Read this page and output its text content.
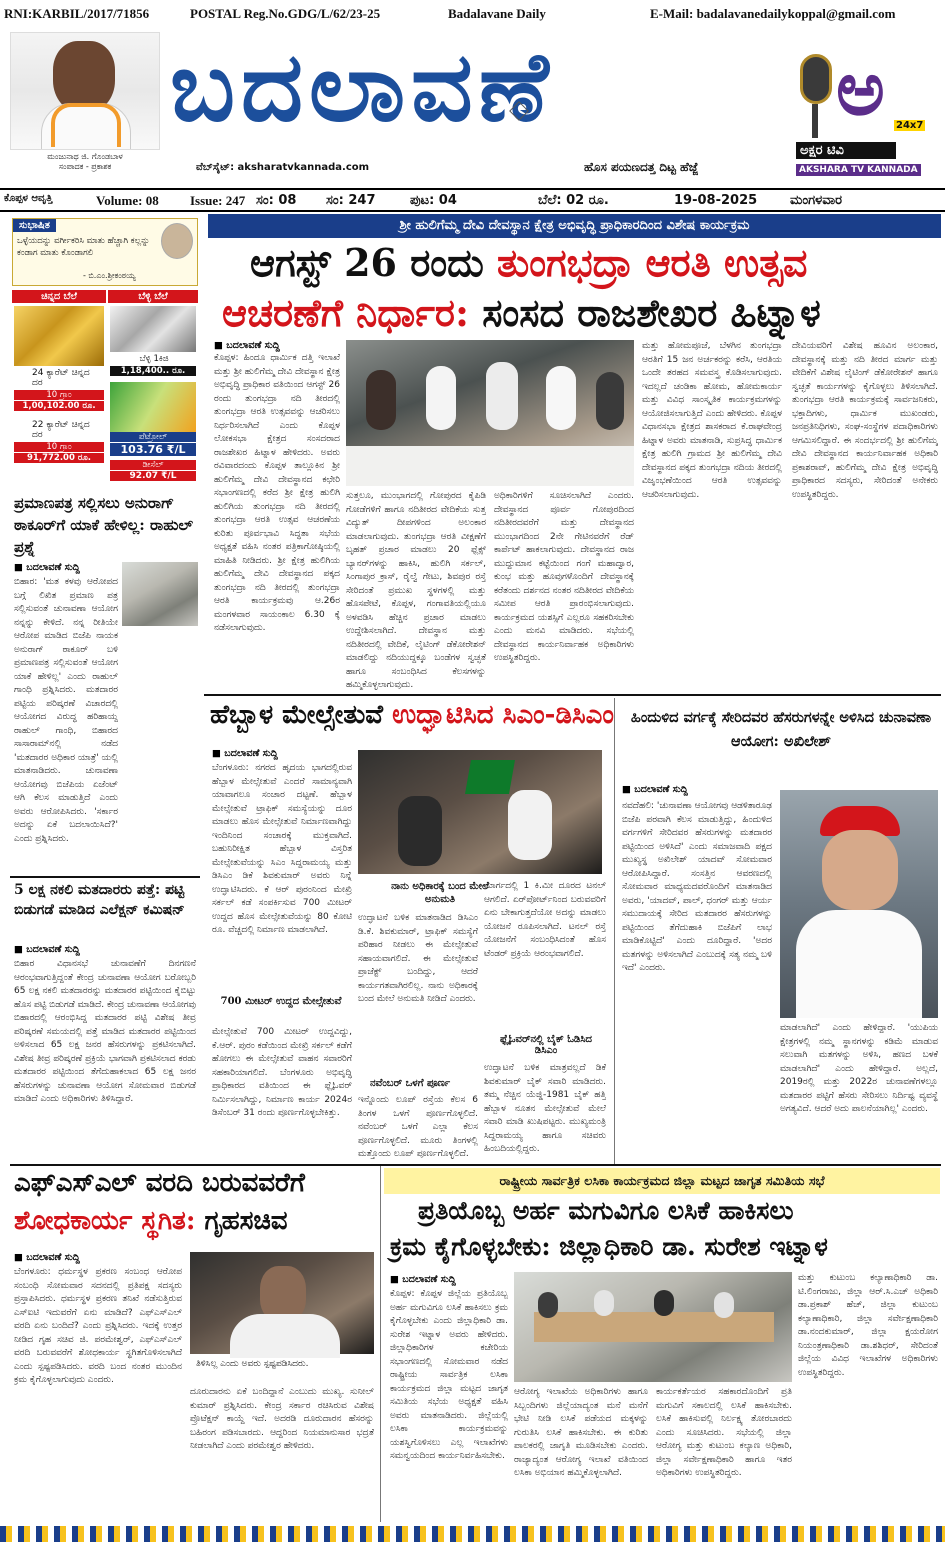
RNI:KARBIL/2017/71856	POSTAL Reg.No.GDG/L/62/23-25	Badalavane Daily	E-Mail: badalavanedailykoppal@gmail.com
ಮಂಜುನಾಥ ಜಿ. ಗೊಂಡಬಾಳ
ಸಂಪಾದಕ - ಪ್ರಕಾಶಕ
ಬದಲಾವಣೆ
ವೆಬ್‌ಸೈಟ್: aksharatvkannada.com	ಹೊಸ ಪಯಣದತ್ತ ದಿಟ್ಟ ಹೆಜ್ಜೆ
ಅ 24x7
ಅಕ್ಷರ ಟಿವಿ
AKSHARA TV KANNADA
ಕೊಪ್ಪಳ ಆವೃತ್ತಿ	Volume: 08 Issue: 247 ಸಂ: 08 ಸಂ: 247	ಪುಟ: 04	ಬೆಲೆ: 02 ರೂ.	19-08-2025	ಮಂಗಳವಾರ
ಸುಭಾಷಿತ
ಒಳ್ಳೆಯದನ್ನು ವರ್ಗೀಕರಿಸಿ ಮಾತು ಹೆಚ್ಚಾಗಿ ಕಲ್ಲನ್ನು ಕಂಡಾಗ ಮಾತು ಕೊಂಡಾಗಲಿ
- ಬಿ.ಎಂ.ಶ್ರೀಕಂಠಯ್ಯ
ಚಿನ್ನದ ಬೆಲೆ	ಬೆಳ್ಳಿ ಬೆಲೆ
24 ಕ್ಯಾರೆಟ್ ಚಿನ್ನದ ದರ
10 ಗ್ರಾಂ
1,00,102.00 ರೂ.
22 ಕ್ಯಾರೆಟ್ ಚಿನ್ನದ ದರ
10 ಗ್ರಾಂ
91,772.00 ರೂ.
ಬೆಳ್ಳಿ 1ಕಿಜಿ
1,18,400.. ರೂ.
ಪೆಟ್ರೋಲ್
103.76 ₹/L
ಡೀಸೆಲ್
92.07 ₹/L
ಪ್ರಮಾಣಪತ್ರ ಸಲ್ಲಿಸಲು ಅನುರಾಗ್ ಠಾಕೂರ್‌ಗೆ ಯಾಕೆ ಹೇಳಿಲ್ಲ: ರಾಹುಲ್ ಪ್ರಶ್ನೆ
■ ಬದಲಾವಣೆ ಸುದ್ದಿ
ಬಿಹಾರ: 'ಮತ ಕಳವು ಆರೋಪದ ಬಗ್ಗೆ ಲಿಖಿತ ಪ್ರಮಾಣ ಪತ್ರ ಸಲ್ಲಿಸುವಂತೆ ಚುನಾವಣಾ ಆಯೋಗ ನನ್ನನ್ನು ಕೇಳಿದೆ. ನನ್ನ ರೀತಿಯೇ ಆರೋಪ ಮಾಡಿದ ಬಿಜೆಪಿ ನಾಯಕ ಅನುರಾಗ್ ಠಾಕೂರ್ ಬಳಿ ಪ್ರಮಾಣಪತ್ರ ಸಲ್ಲಿಸುವಂತೆ ಆಯೋಗ ಯಾಕೆ ಹೇಳಿಲ್ಲ' ಎಂದು ರಾಹುಲ್ ಗಾಂಧಿ ಪ್ರಶ್ನಿಸಿದರು. ಮತದಾರರ ಪಟ್ಟಿಯ ಪರಿಷ್ಕರಣೆ ವಿಚಾರದಲ್ಲಿ ಆಯೋಗದ ವಿರುದ್ಧ ಹರಿಹಾಯ್ದ ರಾಹುಲ್ ಗಾಂಧಿ, ಬಿಹಾರದ ಸಾಸಾರಾಮ್‌ನಲ್ಲಿ ನಡೆದ 'ಮತದಾರರ ಅಧಿಕಾರ ಯಾತ್ರೆ' ಯಲ್ಲಿ ಮಾತನಾಡಿದರು. ಚುನಾವಣಾ ಆಯೋಗವು ಬಿಜೆಪಿಯ ಏಜೆಂಟ್ ಆಗಿ ಕೆಲಸ ಮಾಡುತ್ತಿದೆ ಎಂದು ಅವರು ಆರೋಪಿಸಿದರು. 'ಸರ್ಕಾರ ಅದನ್ನು ಏಕೆ ಬದಲಾಯಿಸಿದೆ?' ಎಂದು ಪ್ರಶ್ನಿಸಿದರು.
5 ಲಕ್ಷ ನಕಲಿ ಮತದಾರರು ಪತ್ತೆ: ಪಟ್ಟಿ ಬಿಡುಗಡೆ ಮಾಡಿದ ಎಲೆಕ್ಷನ್ ಕಮಿಷನ್
■ ಬದಲಾವಣೆ ಸುದ್ದಿ
ಬಿಹಾರ ವಿಧಾನಸಭೆ ಚುನಾವಣೆಗೆ ದಿನಗಣನೆ ಆರಂಭವಾಗುತ್ತಿದ್ದಂತೆ ಕೇಂದ್ರ ಚುನಾವಣಾ ಆಯೋಗ ಬರೋಬ್ಬರಿ 65 ಲಕ್ಷ ನಕಲಿ ಮತದಾರರನ್ನು ಮತದಾರರ ಪಟ್ಟಿಯಿಂದ ಕೈಬಿಟ್ಟು ಹೊಸ ಪಟ್ಟಿ ಬಿಡುಗಡೆ ಮಾಡಿದೆ. ಕೇಂದ್ರ ಚುನಾವಣಾ ಆಯೋಗವು ಬಿಹಾರದಲ್ಲಿ ಆರಂಭಿಸಿದ್ದ ಮತದಾರರ ಪಟ್ಟಿ ವಿಶೇಷ ತೀವ್ರ ಪರಿಷ್ಕರಣೆ ಸಮಯದಲ್ಲಿ ಪತ್ತೆ ಮಾಡಿದ ಮತದಾರರ ಪಟ್ಟಿಯಿಂದ ಅಳಿಸಲಾದ 65 ಲಕ್ಷ ಜನರ ಹೆಸರುಗಳನ್ನು ಪ್ರಕಟಿಸಲಾಗಿದೆ. ವಿಶೇಷ ತೀವ್ರ ಪರಿಷ್ಕರಣೆ ಪ್ರಕ್ರಿಯೆ ಭಾಗವಾಗಿ ಪ್ರಕಟಿಸಲಾದ ಕರಡು ಮತದಾರರ ಪಟ್ಟಿಯಿಂದ ತೆಗೆದುಹಾಕಲಾದ 65 ಲಕ್ಷ ಜನರ ಹೆಸರುಗಳನ್ನು ಚುನಾವಣಾ ಆಯೋಗ ಸೋಮವಾರ ಬಿಡುಗಡೆ ಮಾಡಿದೆ ಎಂದು ಅಧಿಕಾರಿಗಳು ತಿಳಿಸಿದ್ದಾರೆ.
ಶ್ರೀ ಹುಲಿಗೆಮ್ಮ ದೇವಿ ದೇವಸ್ಥಾನ ಕ್ಷೇತ್ರ ಅಭಿವೃದ್ಧಿ ಪ್ರಾಧಿಕಾರದಿಂದ ವಿಶೇಷ ಕಾರ್ಯಕ್ರಮ
ಆಗಸ್ಟ್ 26 ರಂದು ತುಂಗಭದ್ರಾ ಆರತಿ ಉತ್ಸವ
ಆಚರಣೆಗೆ ನಿರ್ಧಾರ: ಸಂಸದ ರಾಜಶೇಖರ ಹಿಟ್ನಾಳ
■ ಬದಲಾವಣೆ ಸುದ್ದಿ
ಕೊಪ್ಪಳ: ಹಿಂದೂ ಧಾರ್ಮಿಕ ದತ್ತಿ ಇಲಾಖೆ ಮತ್ತು ಶ್ರೀ ಹುಲಿಗೆಮ್ಮ ದೇವಿ ದೇವಸ್ಥಾನ ಕ್ಷೇತ್ರ ಅಭಿವೃದ್ಧಿ ಪ್ರಾಧಿಕಾರ ವತಿಯಿಂದ ಆಗಸ್ಟ್ 26 ರಂದು ತುಂಗಭದ್ರಾ ನದಿ ತೀರದಲ್ಲಿ ತುಂಗಭದ್ರಾ ಆರತಿ ಉತ್ಸವವನ್ನು ಆಚರಿಸಲು ನಿರ್ಧರಿಸಲಾಗಿದೆ ಎಂದು ಕೊಪ್ಪಳ ಲೋಕಸಭಾ ಕ್ಷೇತ್ರದ ಸಂಸದರಾದ ರಾಜಶೇಖರ ಹಿಟ್ನಾಳ ಹೇಳಿದರು. ಅವರು ರವಿವಾರದಂದು ಕೊಪ್ಪಳ ತಾಲ್ಲೂಕಿನ ಶ್ರೀ ಹುಲಿಗೆಮ್ಮ ದೇವಿ ದೇವಸ್ಥಾನದ ಕಛೇರಿ ಸಭಾಂಗಣದಲ್ಲಿ ಕರೆದ ಶ್ರೀ ಕ್ಷೇತ್ರ ಹುಲಿಗಿ ಹುಲಿಗಿಯ ತುಂಗಭದ್ರಾ ನದಿ ತೀರದಲ್ಲಿ ತುಂಗಭದ್ರಾ ಆರತಿ ಉತ್ಸವ ಆಚರಣೆಯ ಕುರಿತು ಪೂರ್ವಭಾವಿ ಸಿದ್ಧತಾ ಸಭೆಯ ಅಧ್ಯಕ್ಷತೆ ವಹಿಸಿ ನಂತರ ಪತ್ರಿಕಾಗೋಷ್ಠಿಯಲ್ಲಿ ಮಾಹಿತಿ ನೀಡಿದರು. ಶ್ರೀ ಕ್ಷೇತ್ರ ಹುಲಿಗಿಯ ಹುಲಿಗೆಮ್ಮ ದೇವಿ ದೇವಸ್ಥಾನದ ಪಕ್ಕದ ತುಂಗಭದ್ರಾ ನದಿ ತೀರದಲ್ಲಿ ತುಂಗಭದ್ರಾ ಆರತಿ ಕಾರ್ಯಕ್ರಮವು ಆ.26ರ ಮಂಗಳವಾರ ಸಾಯಂಕಾಲ 6.30 ಕ್ಕೆ ನಡೆಸಲಾಗುವುದು.
ಸುತ್ತಲೂ, ಮುಂಭಾಗದಲ್ಲಿ ಗೋಪುರದ ಕೈಪಿಡಿ ಗೋಡೆಗಳಿಗೆ ಹಾಗೂ ನದಿತೀರದ ವೇದಿಕೆಯ ಸುತ್ತ ವಿದ್ಯುತ್ ದೀಪಗಳಿಂದ ಅಲಂಕಾರ ಮಾಡಲಾಗುವುದು. ತುಂಗಭದ್ರಾ ಆರತಿ ವೀಕ್ಷಣೆಗೆ ಬೃಹತ್ ಪ್ರಚಾರ ಮಾಡಲು 20 ಫ್ಲೆಕ್ಸ್ ಬ್ಯಾನರ್‌ಗಳನ್ನು ಹಾಕಿಸಿ, ಹುಲಿಗಿ ಸರ್ಕಲ್, ಸಿಂಗಾಪುರ ಕ್ರಾಸ್, ರೈಲ್ವೆ ಗೇಟು, ಶಿವಪುರ ರಸ್ತೆ ಸೇರಿದಂತೆ ಪ್ರಮುಖ ಸ್ಥಳಗಳಲ್ಲಿ ಮತ್ತು ಹೊಸಪೇಟೆ, ಕೊಪ್ಪಳ, ಗಂಗಾವತಿಯಲ್ಲಿಯೂ ಅಳವಡಿಸಿ ಹೆಚ್ಚಿನ ಪ್ರಚಾರ ಮಾಡಲು ಉದ್ದೇಶಿಸಲಾಗಿದೆ. ದೇವಸ್ಥಾನ ಮತ್ತು ನದಿತೀರದಲ್ಲಿ ವೇದಿಕೆ, ಲೈಟಿಂಗ್ ಡೆಕೋರೇಶನ್ ಮಾಡಲಿದ್ದು ನದಿಯುದ್ದಕ್ಕೂ ಬಂಡೆಗಳ ಸ್ವಚ್ಛತೆ ಹಾಗೂ ಸಂಬಂಧಿಸಿದ ಕೆಲಸಗಳನ್ನು ಹಮ್ಮಿಕೊಳ್ಳಲಾಗುವುದು.
ಅಧಿಕಾರಿಗಳಿಗೆ ಸೂಚಿಸಲಾಗಿದೆ ಎಂದರು. ದೇವಸ್ಥಾನದ ಪೂರ್ವ ಗೋಪುರದಿಂದ ನದಿತೀರದವರೆಗೆ ಮತ್ತು ದೇವಸ್ಥಾನದ ಮುಂಭಾಗದಿಂದ 2ನೇ ಗೇಟಿನವರೆಗೆ ರೆಡ್ ಕಾರ್ಪೆಟ್ ಹಾಕಲಾಗುವುದು. ದೇವಸ್ಥಾನದ ರಾಜ ಮುದ್ದುಮಾನ ಕಟ್ಟೆಯಿಂದ ಗಂಗೆ ಮಹಾದ್ವಾರ, ಕುಂಭ ಮತ್ತು ಹೂವುಗಳೊಂದಿಗೆ ದೇವಸ್ಥಾನಕ್ಕೆ ಕರೆತಂದು ದರ್ಶನದ ನಂತರ ನದಿತೀರದ ವೇದಿಕೆಯ ಸಮೀಪ ಆರತಿ ಪ್ರಾರಂಭಿಸಲಾಗುವುದು. ಕಾರ್ಯಕ್ರಮದ ಯಶಸ್ಸಿಗೆ ಎಲ್ಲರೂ ಸಹಕರಿಸಬೇಕು ಎಂದು ಮನವಿ ಮಾಡಿದರು. ಸಭೆಯಲ್ಲಿ ದೇವಸ್ಥಾನದ ಕಾರ್ಯನಿರ್ವಾಹಕ ಅಧಿಕಾರಿಗಳು ಉಪಸ್ಥಿತರಿದ್ದರು.
ಮತ್ತು ಹೋಮಪೂಜೆ, ಬೆಳಗಿನ ತುಂಗಭದ್ರಾ ಆರತಿಗೆ 15 ಜನ ಅರ್ಚಕರನ್ನು ಕರೆಸಿ, ಆರತಿಯ ಒಂದೇ ತರಹದ ಸಮವಸ್ತ್ರ ಕೊಡಿಸಲಾಗುವುದು. ಇದಲ್ಲದೆ ಚಂಡಿಕಾ ಹೋಮ, ಹೋಮಕಾರ್ಯ ಮತ್ತು ವಿವಿಧ ಸಾಂಸ್ಕೃತಿಕ ಕಾರ್ಯಕ್ರಮಗಳನ್ನು ಆಯೋಜಿಸಲಾಗುತ್ತಿದೆ ಎಂದು ಹೇಳಿದರು. ಕೊಪ್ಪಳ ವಿಧಾನಸಭಾ ಕ್ಷೇತ್ರದ ಶಾಸಕರಾದ ಕೆ.ರಾಘವೇಂದ್ರ ಹಿಟ್ನಾಳ ಅವರು ಮಾತನಾಡಿ, ಸುಪ್ರಸಿದ್ಧ ಧಾರ್ಮಿಕ ಕ್ಷೇತ್ರ ಹುಲಿಗಿ ಗ್ರಾಮದ ಶ್ರೀ ಹುಲಿಗೆಮ್ಮ ದೇವಿ ದೇವಸ್ಥಾನದ ಪಕ್ಕದ ತುಂಗಭದ್ರಾ ನದಿಯ ತೀರದಲ್ಲಿ ವಿಜೃಂಭಣೆಯಿಂದ ಆರತಿ ಉತ್ಸವವನ್ನು ಆಚರಿಸಲಾಗುವುದು.
ದೇವಿಯವರಿಗೆ ವಿಶೇಷ ಹೂವಿನ ಅಲಂಕಾರ, ದೇವಸ್ಥಾನಕ್ಕೆ ಮತ್ತು ನದಿ ತೀರದ ಮಾರ್ಗ ಮತ್ತು ವೇದಿಕೆಗೆ ವಿಶೇಷ ಲೈಟಿಂಗ್ ಡೆಕೋರೇಶನ್ ಹಾಗೂ ಸ್ವಚ್ಛತೆ ಕಾರ್ಯಗಳನ್ನು ಕೈಗೊಳ್ಳಲು ತಿಳಿಸಲಾಗಿದೆ. ತುಂಗಭದ್ರಾ ಆರತಿ ಕಾರ್ಯಕ್ರಮಕ್ಕೆ ಸಾರ್ವಜನಿಕರು, ಭಕ್ತಾದಿಗಳು, ಧಾರ್ಮಿಕ ಮುಖಂಡರು, ಜನಪ್ರತಿನಿಧಿಗಳು, ಸಂಘ-ಸಂಸ್ಥೆಗಳ ಪದಾಧಿಕಾರಿಗಳು ಆಗಮಿಸಲಿದ್ದಾರೆ. ಈ ಸಂದರ್ಭದಲ್ಲಿ ಶ್ರೀ ಹುಲಿಗೆಮ್ಮ ದೇವಿ ದೇವಸ್ಥಾನದ ಕಾರ್ಯನಿರ್ವಾಹಕ ಅಧಿಕಾರಿ ಪ್ರಕಾಶರಾವ್, ಹುಲಿಗೆಮ್ಮ ದೇವಿ ಕ್ಷೇತ್ರ ಅಭಿವೃದ್ಧಿ ಪ್ರಾಧಿಕಾರದ ಸದಸ್ಯರು, ಸೇರಿದಂತೆ ಅನೇಕರು ಉಪಸ್ಥಿತರಿದ್ದರು.
ಹೆಬ್ಬಾಳ ಮೇಲ್ಸೇತುವೆ ಉದ್ಘಾಟಿಸಿದ ಸಿಎಂ-ಡಿಸಿಎಂ
■ ಬದಲಾವಣೆ ಸುದ್ದಿ
ಬೆಂಗಳೂರು: ನಗರದ ಹೃದಯ ಭಾಗದಲ್ಲಿರುವ ಹೆಬ್ಬಾಳ ಮೇಲ್ಸೇತುವೆ ಎಂದರೆ ಸಾಮಾನ್ಯವಾಗಿ ಯಾವಾಗಲೂ ಸಂಚಾರ ದಟ್ಟಣೆ. ಹೆಬ್ಬಾಳ ಮೇಲ್ಸೇತುವೆ ಟ್ರಾಫಿಕ್ ಸಮಸ್ಯೆಯನ್ನು ದೂರ ಮಾಡಲು ಹೊಸ ಮೇಲ್ಸೇತುವೆ ನಿರ್ಮಾಣವಾಗಿದ್ದು ಇಂದಿನಿಂದ ಸಂಚಾರಕ್ಕೆ ಮುಕ್ತವಾಗಿದೆ. ಬಹುನಿರೀಕ್ಷಿತ ಹೆಬ್ಬಾಳ ವಿಸ್ತರಿತ ಮೇಲ್ಸೇತುವೆಯನ್ನು ಸಿಎಂ ಸಿದ್ದರಾಮಯ್ಯ ಮತ್ತು ಡಿಸಿಎಂ ಡಿಕೆ ಶಿವಕುಮಾರ್ ಅವರು ನಿನ್ನೆ ಉದ್ಘಾಟಿಸಿದರು. ಕೆ ಆರ್ ಪುರಂನಿಂದ ಮೇಖ್ರಿ ಸರ್ಕಲ್ ಕಡೆ ಸಂಪರ್ಕಿಸುವ 700 ಮೀಟರ್ ಉದ್ದದ ಹೊಸ ಮೇಲ್ಸೇತುವೆಯನ್ನು 80 ಕೋಟಿ ರೂ. ವೆಚ್ಚದಲ್ಲಿ ನಿರ್ಮಾಣ ಮಾಡಲಾಗಿದೆ.
700 ಮೀಟರ್ ಉದ್ದದ ಮೇಲ್ಸೇತುವೆ
ಮೇಲ್ಸೇತುವೆ 700 ಮೀಟರ್ ಉದ್ದವಿದ್ದು, ಕೆ.ಆರ್. ಪುರಂ ಕಡೆಯಿಂದ ಮೇಖ್ರಿ ಸರ್ಕಲ್ ಕಡೆಗೆ ಹೋಗಲು ಈ ಮೇಲ್ಸೇತುವೆ ವಾಹನ ಸವಾರರಿಗೆ ಸಹಕಾರಿಯಾಗಲಿದೆ. ಬೆಂಗಳೂರು ಅಭಿವೃದ್ಧಿ ಪ್ರಾಧಿಕಾರದ ವತಿಯಿಂದ ಈ ಫ್ಲೈಓವರ್ ನಿರ್ಮಿಸಲಾಗಿದ್ದು, ನಿರ್ಮಾಣ ಕಾರ್ಯ 2024ರ ಡಿಸೆಂಬರ್ 31 ರಂದು ಪೂರ್ಣಗೊಳ್ಳಬೇಕಿತ್ತು.
ನಾನು ಅಧಿಕಾರಕ್ಕೆ ಬಂದ ಮೇಲೆ ಅನುಮತಿ
ಉದ್ಘಾಟನೆ ಬಳಿಕ ಮಾತನಾಡಿದ ಡಿಸಿಎಂ ಡಿ.ಕೆ. ಶಿವಕುಮಾರ್, ಟ್ರಾಫಿಕ್ ಸಮಸ್ಯೆಗೆ ಪರಿಹಾರ ನೀಡಲು ಈ ಮೇಲ್ಸೇತುವೆ ಸಹಾಯವಾಗಲಿದೆ. ಈ ಮೇಲ್ಸೇತುವೆ ಪ್ರಾಜೆಕ್ಟ್ ಬಂದಿದ್ದು, ಆದರೆ ಕಾರ್ಯಗತವಾಗಿರಲಿಲ್ಲ. ನಾನು ಅಧಿಕಾರಕ್ಕೆ ಬಂದ ಮೇಲೆ ಅನುಮತಿ ನೀಡಿದೆ ಎಂದರು.
ನವೆಂಬರ್ ಒಳಗೆ ಪೂರ್ಣ
ಇನ್ನೊಂದು ಲೂಪ್ ರಸ್ತೆಯ ಕೆಲಸ 6 ತಿಂಗಳ ಒಳಗೆ ಪೂರ್ಣಗೊಳ್ಳಲಿದೆ. ನವೆಂಬರ್ ಒಳಗೆ ಎಲ್ಲಾ ಕೆಲಸ ಪೂರ್ಣಗೊಳ್ಳಲಿದೆ. ಮೂರು ತಿಂಗಳಲ್ಲಿ ಮತ್ತೊಂದು ಲೂಪ್ ಪೂರ್ಣಗೊಳ್ಳಲಿದೆ.
ಮಾರ್ಗದಲ್ಲಿ 1 ಕಿ.ಮೀ ದೂರದ ಟನಲ್ ಆಗಲಿದೆ. ಏರ್‌ಪೋರ್ಟ್‌ನಿಂದ ಬರುವವರಿಗೆ ಏನು ಬೇಕಾಗುತ್ತದೆಯೋ ಅದನ್ನು ಮಾಡಲು ಯೋಜನೆ ರೂಪಿಸಲಾಗಿದೆ. ಟನಲ್ ರಸ್ತೆ ಯೋಜನೆಗೆ ಸಂಬಂಧಿಸಿದಂತೆ ಹೊಸ ಟೆಂಡರ್ ಪ್ರಕ್ರಿಯೆ ಆರಂಭವಾಗಲಿದೆ.
ಫ್ಲೈಓವರ್‌ನಲ್ಲಿ ಬೈಕ್ ಓಡಿಸಿದ ಡಿಸಿಎಂ
ಉದ್ಘಾಟನೆ ಬಳಿಕ ಮಾತ್ರವಲ್ಲದೆ ಡಿಕೆ ಶಿವಕುಮಾರ್ ಬೈಕ್ ಸವಾರಿ ಮಾಡಿದರು. ತಮ್ಮ ನೆಚ್ಚಿನ ಯೆಜ್ಡಿ-1981 ಬೈಕ್ ಹತ್ತಿ ಹೆಬ್ಬಾಳ ನೂತನ ಮೇಲ್ಸೇತುವೆ ಮೇಲೆ ಸವಾರಿ ಮಾಡಿ ಖುಷಿಪಟ್ಟರು. ಮುಖ್ಯಮಂತ್ರಿ ಸಿದ್ದರಾಮಯ್ಯ ಹಾಗೂ ಸಚಿವರು ಹಿಂಬದಿಯಲ್ಲಿದ್ದರು.
ಹಿಂದುಳಿದ ವರ್ಗಕ್ಕೆ ಸೇರಿದವರ ಹೆಸರುಗಳನ್ನೇ ಅಳಿಸಿದ ಚುನಾವಣಾ ಆಯೋಗ: ಅಖಿಲೇಶ್
■ ಬದಲಾವಣೆ ಸುದ್ದಿ
ನವದೆಹಲಿ: 'ಚುನಾವಣಾ ಆಯೋಗವು ಆಡಳಿತಾರೂಢ ಬಿಜೆಪಿ ಪರವಾಗಿ ಕೆಲಸ ಮಾಡುತ್ತಿದ್ದು, ಹಿಂದುಳಿದ ವರ್ಗಗಳಿಗೆ ಸೇರಿದವರ ಹೆಸರುಗಳನ್ನು ಮತದಾರರ ಪಟ್ಟಿಯಿಂದ ಅಳಿಸಿದೆ' ಎಂದು ಸಮಾಜವಾದಿ ಪಕ್ಷದ ಮುಖ್ಯಸ್ಥ ಅಖಿಲೇಶ್ ಯಾದವ್ ಸೋಮವಾರ ಆರೋಪಿಸಿದ್ದಾರೆ. ಸಂಸತ್ತಿನ ಆವರಣದಲ್ಲಿ ಸೋಮವಾರ ಮಾಧ್ಯಮದವರೊಂದಿಗೆ ಮಾತನಾಡಿದ ಅವರು, 'ಯಾದವ್, ಪಾಲ್, ಧಂಗರ್ ಮತ್ತು ಆರ್ಯ ಸಮುದಾಯಕ್ಕೆ ಸೇರಿದ ಮತದಾರರ ಹೆಸರುಗಳನ್ನು ಪಟ್ಟಿಯಿಂದ ತೆಗೆದುಹಾಕಿ ಬಿಜೆಪಿಗೆ ಲಾಭ ಮಾಡಿಕೊಟ್ಟಿದೆ' ಎಂದು ದೂರಿದ್ದಾರೆ. 'ಅದರ ಮತಗಳನ್ನು ಅಳಿಸಲಾಗಿದೆ ಎಂಬುದಕ್ಕೆ ಸತ್ಯ ನಮ್ಮ ಬಳಿ ಇದೆ' ಎಂದರು.
ಮಾಡಲಾಗಿದೆ' ಎಂದು ಹೇಳಿದ್ದಾರೆ. 'ಯುಪಿಯ ಕ್ಷೇತ್ರಗಳಲ್ಲಿ ನಮ್ಮ ಸ್ಥಾನಗಳನ್ನು ಕಡಿಮೆ ಮಾಡುವ ಸಲುವಾಗಿ ಮತಗಳನ್ನು ಅಳಿಸಿ, ಹಣದ ಬಳಕೆ ಮಾಡಲಾಗಿದೆ' ಎಂದು ಹೇಳಿದ್ದಾರೆ. ಅಲ್ಲದೆ, 2019ರಲ್ಲಿ ಮತ್ತು 2022ರ ಚುನಾವಣೆಗಳಲ್ಲೂ ಮತದಾರರ ಪಟ್ಟಿಗೆ ಹೆಸರು ಸೇರಿಸಲು ನಿರ್ದಿಷ್ಟ ವ್ಯವಸ್ಥೆ ಅಗತ್ಯವಿದೆ. ಆದರೆ ಅದು ಪಾಲನೆಯಾಗಿಲ್ಲ' ಎಂದರು.
ಎಫ್‌ಎಸ್‌ಎಲ್ ವರದಿ ಬರುವವರೆಗೆ
ಶೋಧಕಾರ್ಯ ಸ್ಥಗಿತ: ಗೃಹಸಚಿವ
■ ಬದಲಾವಣೆ ಸುದ್ದಿ
ಬೆಂಗಳೂರು: ಧರ್ಮಸ್ಥಳ ಪ್ರಕರಣ ಸಂಬಂಧ ಆರೋಪ ಸಂಬಂಧಿ ಸೋಮವಾರ ಸದನದಲ್ಲಿ ಪ್ರತಿಪಕ್ಷ ಸದಸ್ಯರು ಪ್ರಸ್ತಾಪಿಸಿದರು. ಧರ್ಮಸ್ಥಳ ಪ್ರಕರಣ ತನಿಖೆ ನಡೆಸುತ್ತಿರುವ ಎಸ್‌ಐಟಿ ಇದುವರೆಗೆ ಏನು ಮಾಡಿದೆ? ಎಫ್‌ಎಸ್‌ಎಲ್ ವರದಿ ಏನು ಬಂದಿದೆ? ಎಂದು ಪ್ರಶ್ನಿಸಿದರು. ಇದಕ್ಕೆ ಉತ್ತರ ನೀಡಿದ ಗೃಹ ಸಚಿವ ಜಿ. ಪರಮೇಶ್ವರ್, ಎಫ್‌ಎಸ್‌ಎಲ್ ವರದಿ ಬರುವವರೆಗೆ ಶೋಧಕಾರ್ಯ ಸ್ಥಗಿತಗೊಳಿಸಲಾಗಿದೆ ಎಂದು ಸ್ಪಷ್ಟಪಡಿಸಿದರು. ವರದಿ ಬಂದ ನಂತರ ಮುಂದಿನ ಕ್ರಮ ಕೈಗೊಳ್ಳಲಾಗುವುದು ಎಂದರು.
ತಿಳಿಸಿಲ್ಲ ಎಂದು ಅವರು ಸ್ಪಷ್ಟಪಡಿಸಿದರು.
ದೂರುದಾರನು ಏಕೆ ಬಂದಿದ್ದಾನೆ ಎಂಬುದು ಮುಖ್ಯ. ಸುನೀಲ್ ಕುಮಾರ್ ಪ್ರಶ್ನಿಸಿದರು. ಕೇಂದ್ರ ಸರ್ಕಾರ ರಚಿಸಿರುವ ವಿಶೇಷ ಪ್ರೊಟೆಕ್ಷನ್ ಕಾಯ್ದೆ ಇದೆ. ಅದರಡಿ ದೂರುದಾರನ ಹೆಸರನ್ನು ಬಹಿರಂಗ ಪಡಿಸಬಾರದು. ಆದ್ದರಿಂದ ನಿಯಮಾನುಸಾರ ಭದ್ರತೆ ನೀಡಲಾಗಿದೆ ಎಂದು ಪರಮೇಶ್ವರ ಹೇಳಿದರು.
ರಾಷ್ಟ್ರೀಯ ಸಾರ್ವತ್ರಿಕ ಲಸಿಕಾ ಕಾರ್ಯಕ್ರಮದ ಜಿಲ್ಲಾ ಮಟ್ಟದ ಜಾಗೃತ ಸಮಿತಿಯ ಸಭೆ
ಪ್ರತಿಯೊಬ್ಬ ಅರ್ಹ ಮಗುವಿಗೂ ಲಸಿಕೆ ಹಾಕಿಸಲು
ಕ್ರಮ ಕೈಗೊಳ್ಳಬೇಕು: ಜಿಲ್ಲಾಧಿಕಾರಿ ಡಾ. ಸುರೇಶ ಇಟ್ನಾಳ
■ ಬದಲಾವಣೆ ಸುದ್ದಿ
ಕೊಪ್ಪಳ: ಕೊಪ್ಪಳ ಜಿಲ್ಲೆಯ ಪ್ರತಿಯೊಬ್ಬ ಅರ್ಹ ಮಗುವಿಗೂ ಲಸಿಕೆ ಹಾಕಿಸಲು ಕ್ರಮ ಕೈಗೊಳ್ಳಬೇಕು ಎಂದು ಜಿಲ್ಲಾಧಿಕಾರಿ ಡಾ. ಸುರೇಶ ಇಟ್ನಾಳ ಅವರು ಹೇಳಿದರು. ಜಿಲ್ಲಾಧಿಕಾರಿಗಳ ಕಚೇರಿಯ ಸಭಾಂಗಣದಲ್ಲಿ ಸೋಮವಾರ ನಡೆದ ರಾಷ್ಟ್ರೀಯ ಸಾರ್ವತ್ರಿಕ ಲಸಿಕಾ ಕಾರ್ಯಕ್ರಮದ ಜಿಲ್ಲಾ ಮಟ್ಟದ ಜಾಗೃತ ಸಮಿತಿಯ ಸಭೆಯ ಅಧ್ಯಕ್ಷತೆ ವಹಿಸಿ ಅವರು ಮಾತನಾಡಿದರು. ಜಿಲ್ಲೆಯಲ್ಲಿ ಲಸಿಕಾ ಕಾರ್ಯಕ್ರಮವನ್ನು ಯಶಸ್ವಿಗೊಳಿಸಲು ಎಲ್ಲ ಇಲಾಖೆಗಳು ಸಮನ್ವಯದಿಂದ ಕಾರ್ಯನಿರ್ವಹಿಸಬೇಕು.
ಆರೋಗ್ಯ ಇಲಾಖೆಯ ಅಧಿಕಾರಿಗಳು ಹಾಗೂ ಸಿಬ್ಬಂದಿಗಳು ಜಿಲ್ಲೆಯಾದ್ಯಂತ ಮನೆ ಮನೆಗೆ ಭೇಟಿ ನೀಡಿ ಲಸಿಕೆ ಪಡೆಯದ ಮಕ್ಕಳನ್ನು ಗುರುತಿಸಿ ಲಸಿಕೆ ಹಾಕಿಸಬೇಕು. ಈ ಕುರಿತು ಪಾಲಕರಲ್ಲಿ ಜಾಗೃತಿ ಮೂಡಿಸಬೇಕು ಎಂದರು. ರಾಜ್ಯಾದ್ಯಂತ ಆರೋಗ್ಯ ಇಲಾಖೆ ವತಿಯಿಂದ ಲಸಿಕಾ ಅಭಿಯಾನ ಹಮ್ಮಿಕೊಳ್ಳಲಾಗಿದೆ.
ಕಾರ್ಯಕರ್ತೆಯರ ಸಹಕಾರದೊಂದಿಗೆ ಪ್ರತಿ ಮಗುವಿಗೆ ಸಕಾಲದಲ್ಲಿ ಲಸಿಕೆ ಹಾಕಿಸಬೇಕು. ಲಸಿಕೆ ಹಾಕಿಸುವಲ್ಲಿ ನಿರ್ಲಕ್ಷ್ಯ ತೋರಬಾರದು ಎಂದು ಸೂಚಿಸಿದರು. ಸಭೆಯಲ್ಲಿ ಜಿಲ್ಲಾ ಆರೋಗ್ಯ ಮತ್ತು ಕುಟುಂಬ ಕಲ್ಯಾಣ ಅಧಿಕಾರಿ, ಜಿಲ್ಲಾ ಸರ್ವೇಕ್ಷಣಾಧಿಕಾರಿ ಹಾಗೂ ಇತರ ಅಧಿಕಾರಿಗಳು ಉಪಸ್ಥಿತರಿದ್ದರು.
ಮತ್ತು ಕುಟುಂಬ ಕಲ್ಯಾಣಾಧಿಕಾರಿ ಡಾ. ಟಿ.ಲಿಂಗರಾಜು, ಜಿಲ್ಲಾ ಆರ್.ಸಿ.ಎಚ್ ಅಧಿಕಾರಿ ಡಾ.ಪ್ರಕಾಶ್ ಹೆಚ್, ಜಿಲ್ಲಾ ಕುಟುಂಬ ಕಲ್ಯಾಣಾಧಿಕಾರಿ, ಜಿಲ್ಲಾ ಸರ್ವೇಕ್ಷಣಾಧಿಕಾರಿ ಡಾ.ನಂದಕುಮಾರ್, ಜಿಲ್ಲಾ ಕ್ಷಯರೋಗ ನಿಯಂತ್ರಣಾಧಿಕಾರಿ ಡಾ.ಶಶಿಧರ್, ಸೇರಿದಂತೆ ಜಿಲ್ಲೆಯ ವಿವಿಧ ಇಲಾಖೆಗಳ ಅಧಿಕಾರಿಗಳು ಉಪಸ್ಥಿತರಿದ್ದರು.
